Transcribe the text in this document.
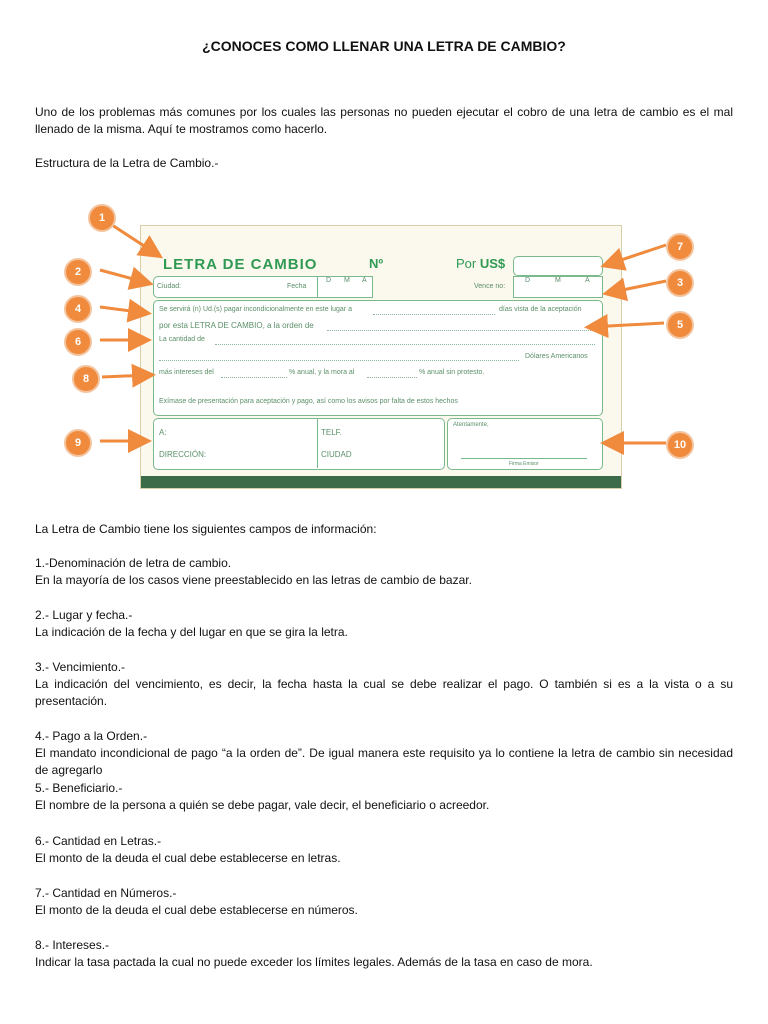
¿CONOCES COMO LLENAR UNA LETRA DE CAMBIO?
Uno de los problemas más comunes por los cuales las personas no pueden ejecutar el cobro de una letra de cambio es el mal llenado de la misma. Aquí te mostramos como hacerlo.
Estructura de la Letra de Cambio.-
LETRA DE CAMBIO	Nº	Por US$
Ciudad:	Fecha
D M A
Vence no:
D	M	A
Se servirá (n) Ud.(s) pagar incondicionalmente en este lugar a	días vista de la aceptación
por esta LETRA DE CAMBIO, a la orden de
La cantidad de
Dólares Americanos
más intereses del	% anual, y la mora al	% anual sin protesto.
Exímase de presentación para aceptación y pago, así como los avisos por falta de estos hechos
A:	TELF.
DIRECCIÓN:	CIUDAD
Atentamente,
Firma Emisor
1
2
3
4
5
6
7
8
9	10
La Letra de Cambio tiene los siguientes campos de información:
1.-Denominación de letra de cambio.
En la mayoría de los casos viene preestablecido en las letras de cambio de bazar.
2.- Lugar y fecha.-
La indicación de la fecha y del lugar en que se gira la letra.
3.- Vencimiento.-
La indicación del vencimiento, es decir, la fecha hasta la cual se debe realizar el pago. O también si es a la vista o a su presentación.
4.- Pago a la Orden.-
El mandato incondicional de pago “a la orden de”. De igual manera este requisito ya lo contiene la letra de cambio sin necesidad de agregarlo
5.- Beneficiario.-
El nombre de la persona a quién se debe pagar, vale decir, el beneficiario o acreedor.
6.- Cantidad en Letras.-
El monto de la deuda el cual debe establecerse en letras.
7.- Cantidad en Números.-
El monto de la deuda el cual debe establecerse en números.
8.- Intereses.-
Indicar la tasa pactada la cual no puede exceder los límites legales. Además de la tasa en caso de mora.
